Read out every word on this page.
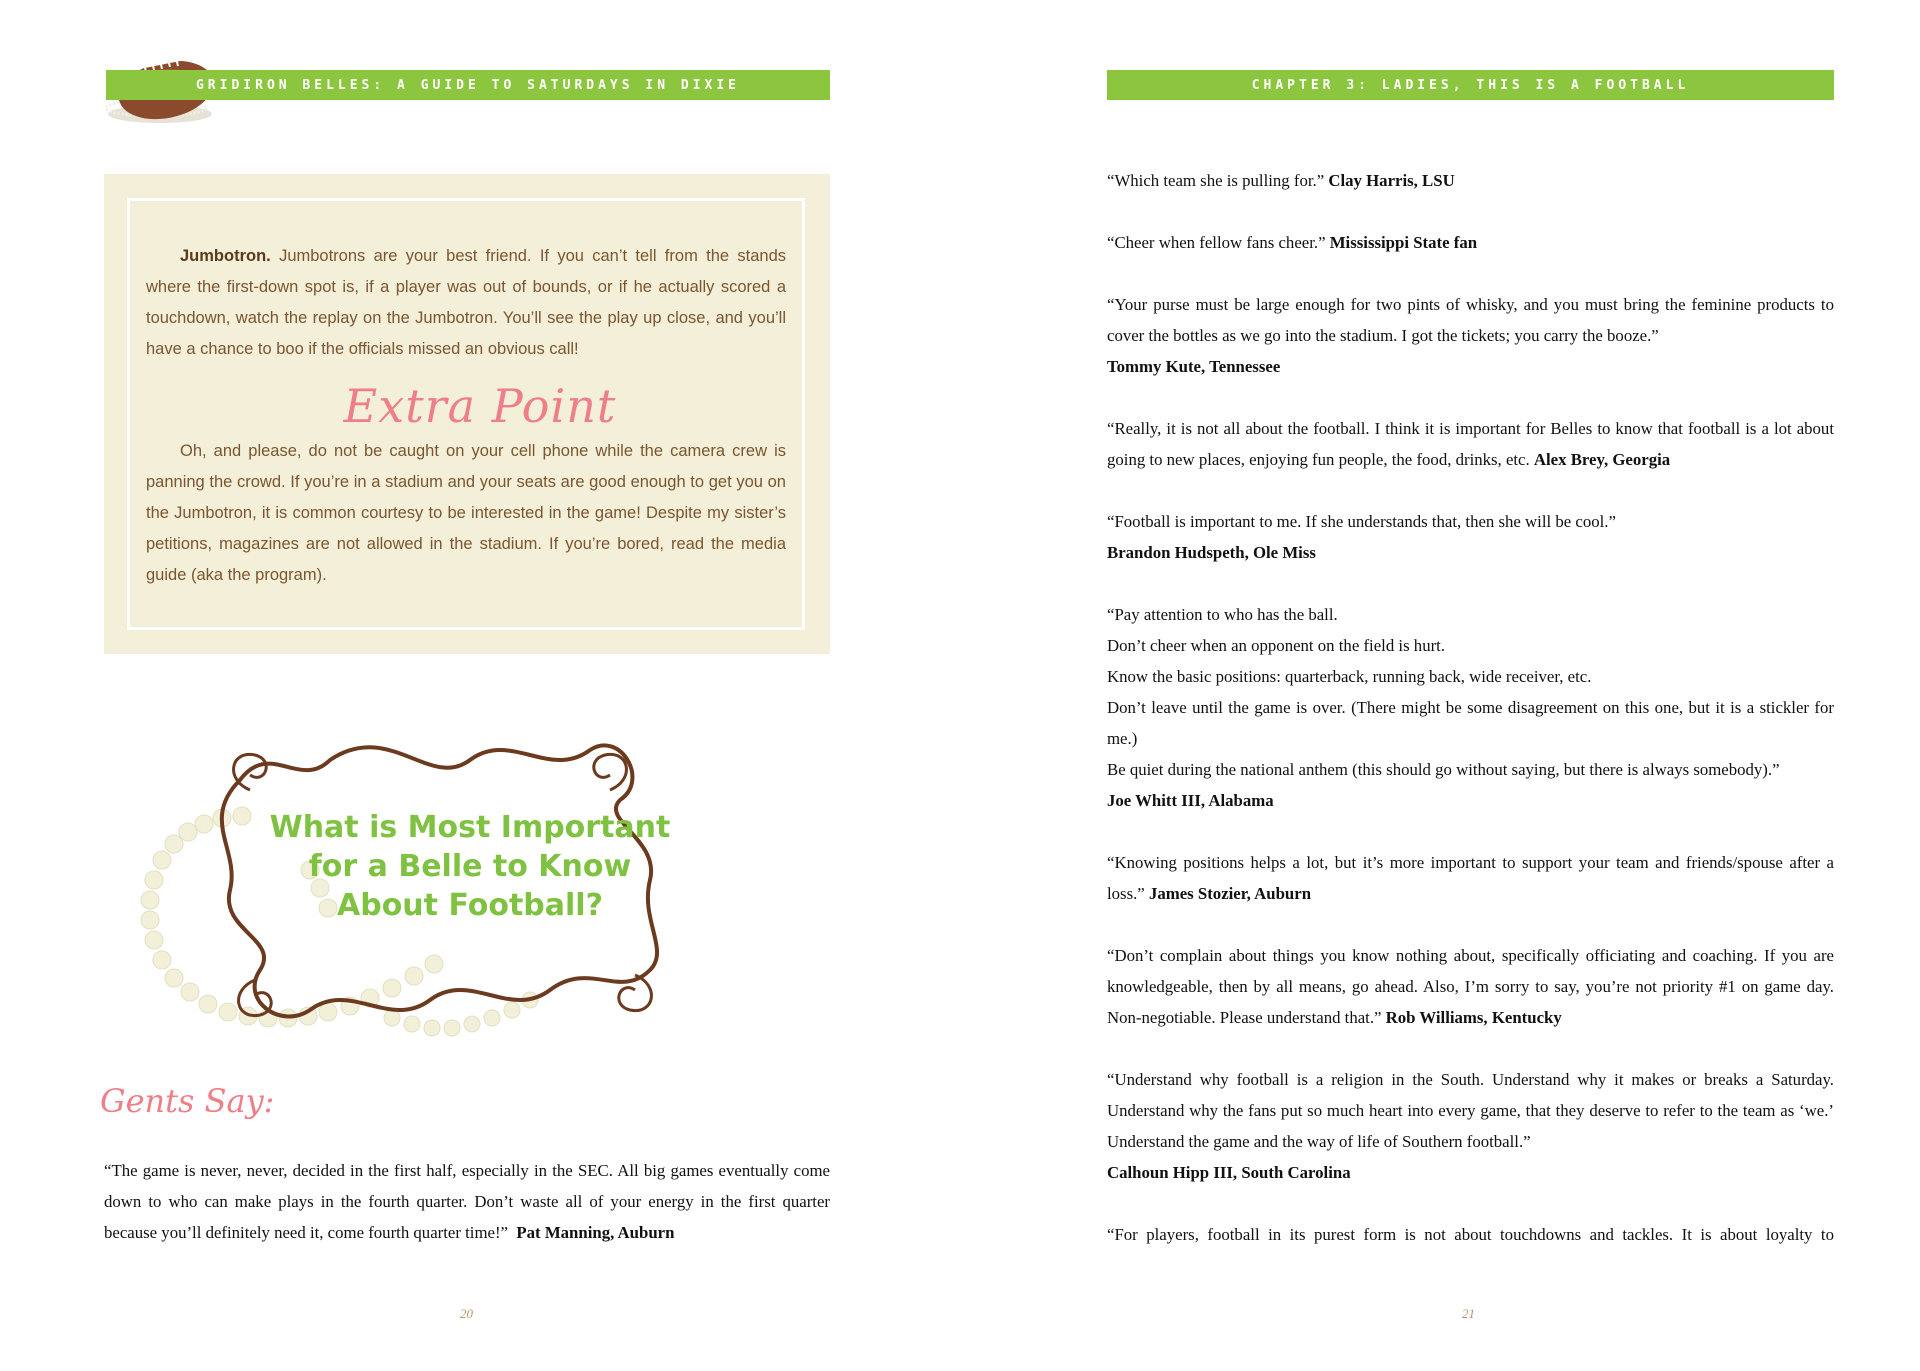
GRIDIRON BELLES: A GUIDE TO SATURDAYS IN DIXIE

Jumbotron. Jumbotrons are your best friend. If you can’t tell from the stands where the first-down spot is, if a player was out of bounds, or if he actually scored a touchdown, watch the replay on the Jumbotron. You’ll see the play up close, and you’ll have a chance to boo if the officials missed an obvious call!

Extra Point

Oh, and please, do not be caught on your cell phone while the camera crew is panning the crowd. If you’re in a stadium and your seats are good enough to get you on the Jumbotron, it is common courtesy to be interested in the game! Despite my sister’s petitions, magazines are not allowed in the stadium. If you’re bored, read the media guide (aka the program).

What is Most Important
for a Belle to Know
About Football?
Gents Say:

“The game is never, never, decided in the first half, especially in the SEC. All big games eventually come down to who can make plays in the fourth quarter. Don’t waste all of your energy in the first quarter because you’ll definitely need it, come fourth quarter time!” Pat Manning, Auburn

20
CHAPTER 3: LADIES, THIS IS A FOOTBALL

“Which team she is pulling for.” Clay Harris, LSU

“Cheer when fellow fans cheer.” Mississippi State fan

“Your purse must be large enough for two pints of whisky, and you must bring the feminine products to cover the bottles as we go into the stadium. I got the tickets; you carry the booze.”
Tommy Kute, Tennessee

“Really, it is not all about the football. I think it is important for Belles to know that football is a lot about going to new places, enjoying fun people, the food, drinks, etc. Alex Brey, Georgia

“Football is important to me. If she understands that, then she will be cool.”
Brandon Hudspeth, Ole Miss

“Pay attention to who has the ball.
Don’t cheer when an opponent on the field is hurt.
Know the basic positions: quarterback, running back, wide receiver, etc.
Don’t leave until the game is over. (There might be some disagreement on this one, but it is a stickler for me.)
Be quiet during the national anthem (this should go without saying, but there is always somebody).”
Joe Whitt III, Alabama

“Knowing positions helps a lot, but it’s more important to support your team and friends/spouse after a loss.” James Stozier, Auburn

“Don’t complain about things you know nothing about, specifically officiating and coaching. If you are knowledgeable, then by all means, go ahead. Also, I’m sorry to say, you’re not priority #1 on game day. Non-negotiable. Please understand that.” Rob Williams, Kentucky

“Understand why football is a religion in the South. Understand why it makes or breaks a Saturday. Understand why the fans put so much heart into every game, that they deserve to refer to the team as ‘we.’ Understand the game and the way of life of Southern football.”
Calhoun Hipp III, South Carolina

“For players, football in its purest form is not about touchdowns and tackles. It is about loyalty to

21
